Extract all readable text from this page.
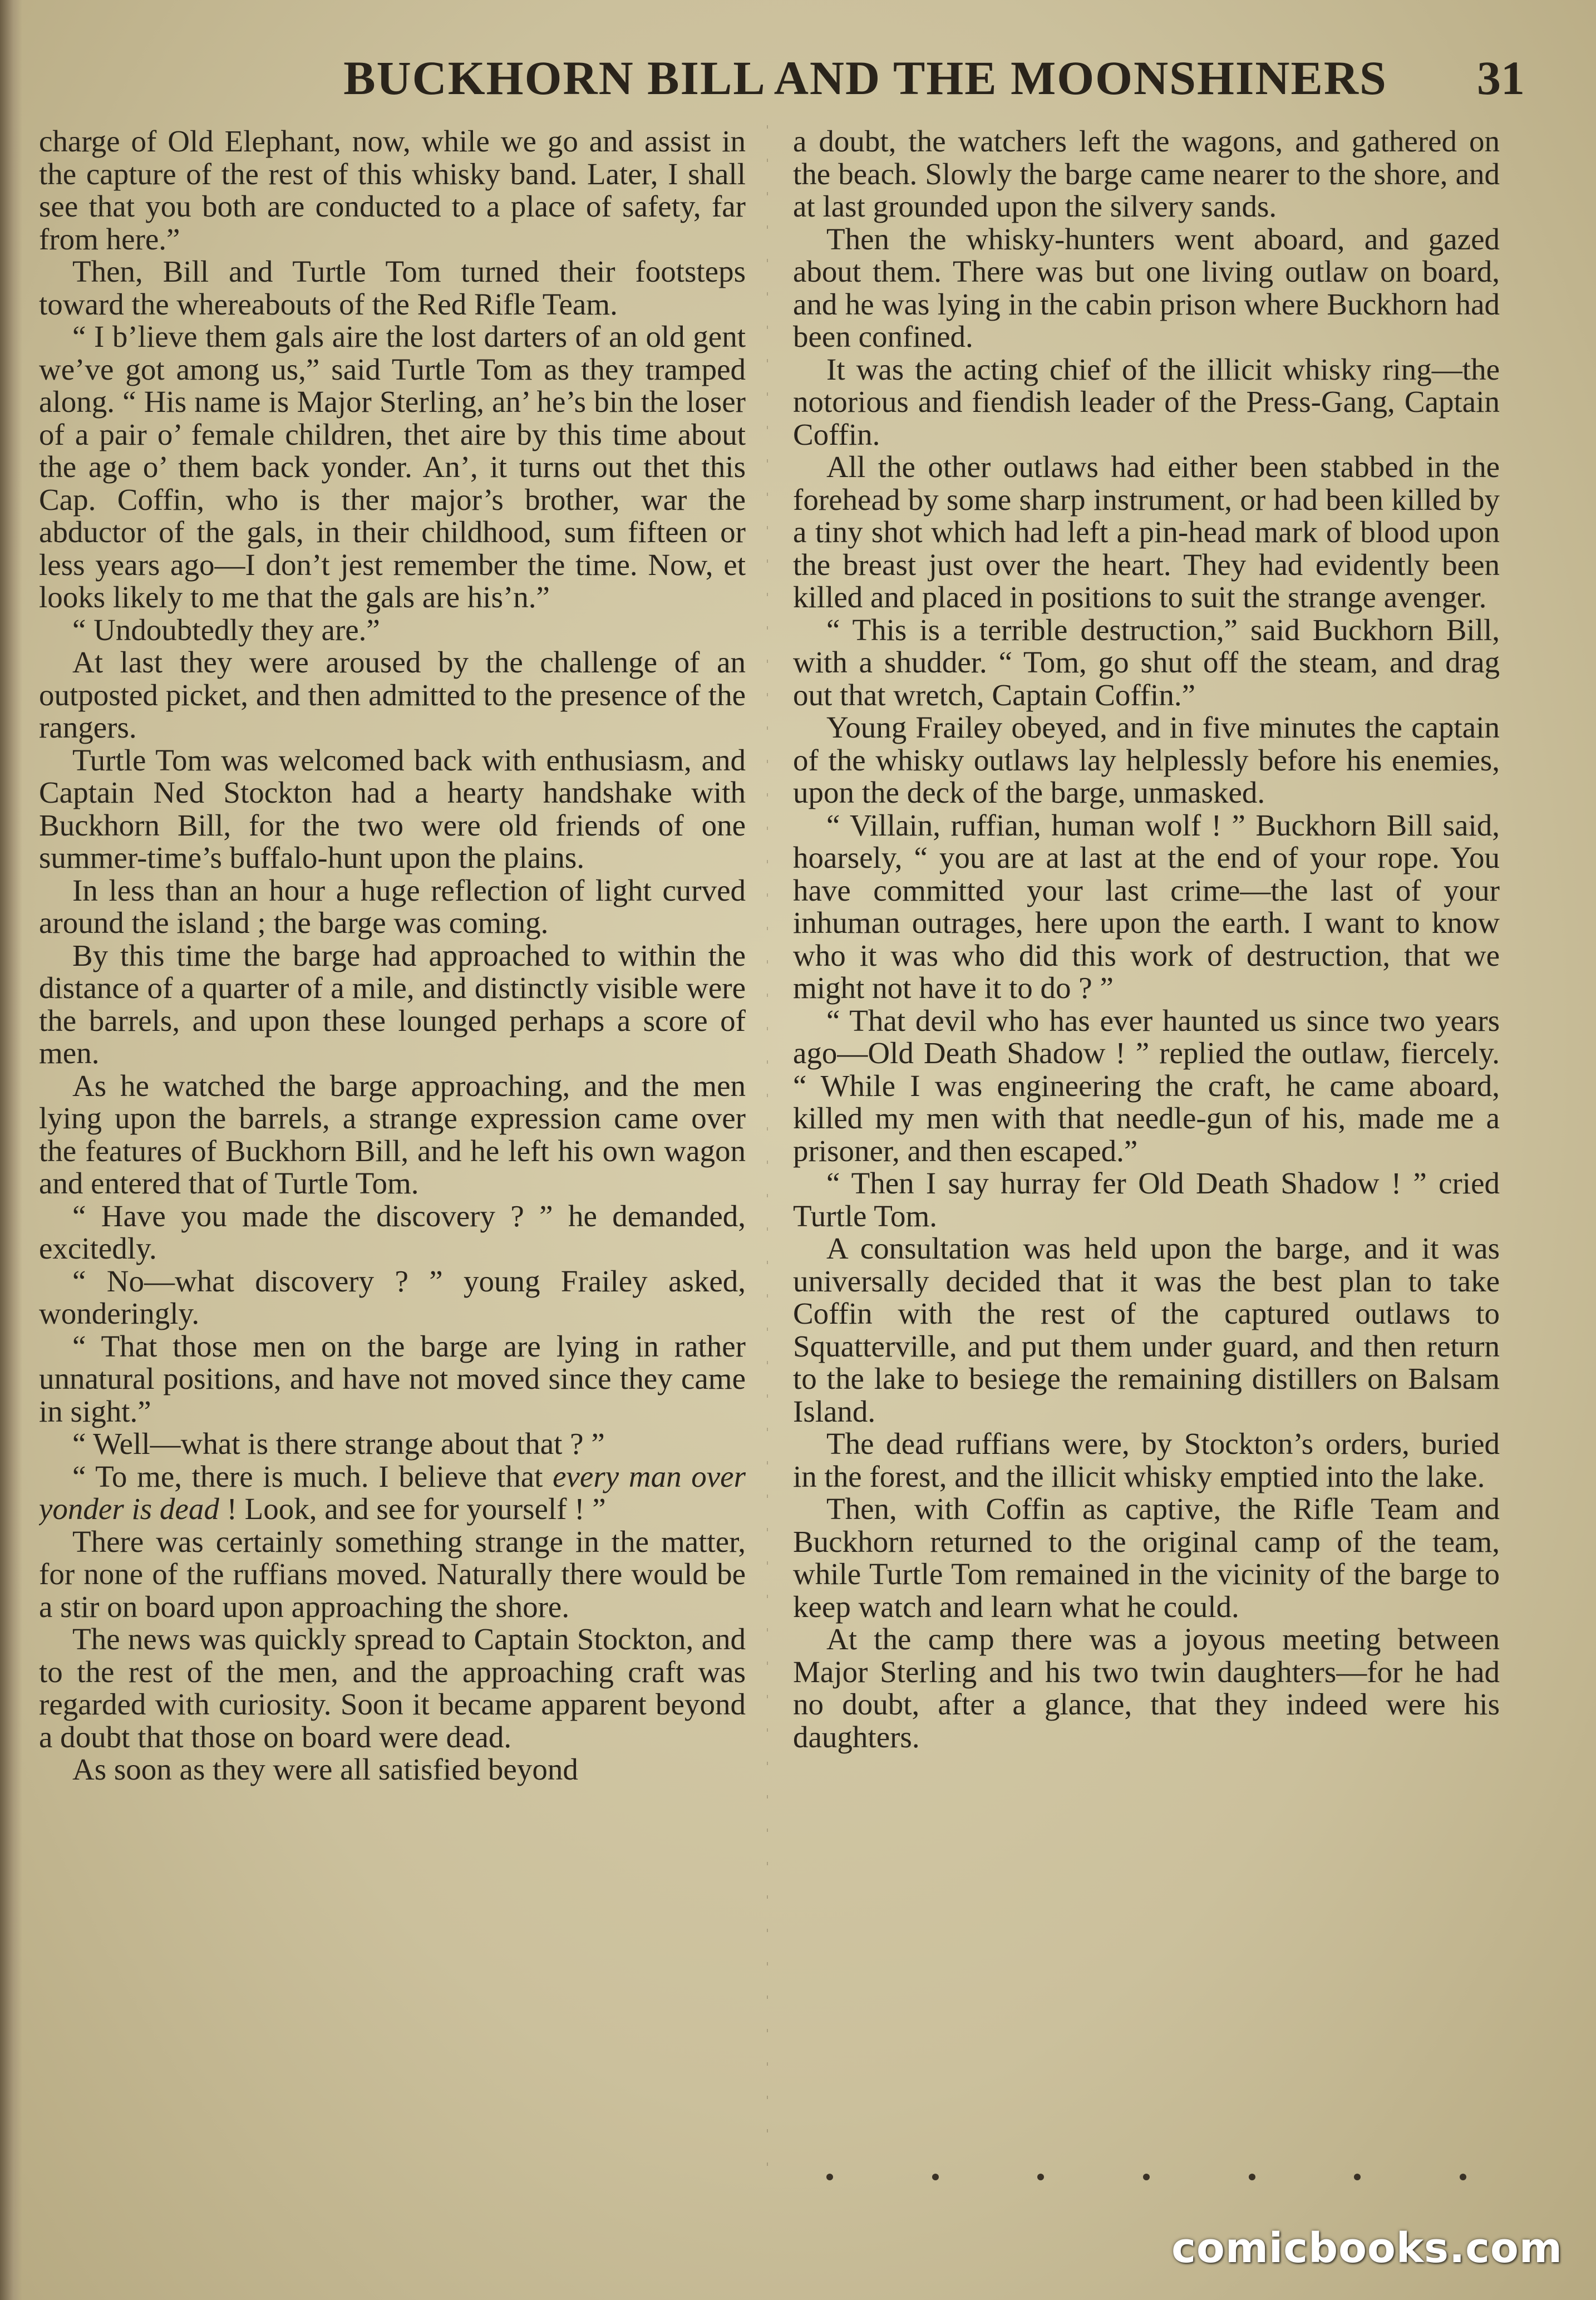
BUCKHORN BILL AND THE MOONSHINERS	31

charge of Old Elephant, now, while we go and assist in the capture of the rest of this whisky band. Later, I shall see that you both are conducted to a place of safety, far from here.”

Then, Bill and Turtle Tom turned their footsteps toward the whereabouts of the Red Rifle Team.

“ I b’lieve them gals aire the lost darters of an old gent we’ve got among us,” said Turtle Tom as they tramped along. “ His name is Major Sterling, an’ he’s bin the loser of a pair o’ female children, thet aire by this time about the age o’ them back yonder. An’, it turns out thet this Cap. Coffin, who is ther major’s brother, war the abductor of the gals, in their childhood, sum fifteen or less years ago—I don’t jest remember the time. Now, et looks likely to me that the gals are his’n.”

“ Undoubtedly they are.”

At last they were aroused by the challenge of an outposted picket, and then admitted to the presence of the rangers.

Turtle Tom was welcomed back with enthusiasm, and Captain Ned Stockton had a hearty handshake with Buckhorn Bill, for the two were old friends of one summer-time’s buffalo-hunt upon the plains.

In less than an hour a huge reflection of light curved around the island ; the barge was coming.

By this time the barge had approached to within the distance of a quarter of a mile, and distinctly visible were the barrels, and upon these lounged perhaps a score of men.

As he watched the barge approaching, and the men lying upon the barrels, a strange expression came over the features of Buckhorn Bill, and he left his own wagon and entered that of Turtle Tom.

“ Have you made the discovery ? ” he demanded, excitedly.

“ No—what discovery ? ” young Frailey asked, wonderingly.

“ That those men on the barge are lying in rather unnatural positions, and have not moved since they came in sight.”

“ Well—what is there strange about that ? ”

“ To me, there is much. I believe that every man over yonder is dead ! Look, and see for yourself ! ”

There was certainly something strange in the matter, for none of the ruffians moved. Naturally there would be a stir on board upon approaching the shore.

The news was quickly spread to Captain Stockton, and to the rest of the men, and the approaching craft was regarded with curiosity. Soon it became apparent beyond a doubt that those on board were dead.

As soon as they were all satisfied beyond

a doubt, the watchers left the wagons, and gathered on the beach. Slowly the barge came nearer to the shore, and at last grounded upon the silvery sands.

Then the whisky-hunters went aboard, and gazed about them. There was but one living outlaw on board, and he was lying in the cabin prison where Buckhorn had been confined.

It was the acting chief of the illicit whisky ring—the notorious and fiendish leader of the Press-Gang, Captain Coffin.

All the other outlaws had either been stabbed in the forehead by some sharp instrument, or had been killed by a tiny shot which had left a pin-head mark of blood upon the breast just over the heart. They had evidently been killed and placed in positions to suit the strange avenger.

“ This is a terrible destruction,” said Buckhorn Bill, with a shudder. “ Tom, go shut off the steam, and drag out that wretch, Captain Coffin.”

Young Frailey obeyed, and in five minutes the captain of the whisky outlaws lay helplessly before his enemies, upon the deck of the barge, unmasked.

“ Villain, ruffian, human wolf ! ” Buckhorn Bill said, hoarsely, “ you are at last at the end of your rope. You have committed your last crime—the last of your inhuman outrages, here upon the earth. I want to know who it was who did this work of destruction, that we might not have it to do ? ”

“ That devil who has ever haunted us since two years ago—Old Death Shadow ! ” replied the outlaw, fiercely. “ While I was engineering the craft, he came aboard, killed my men with that needle-gun of his, made me a prisoner, and then escaped.”

“ Then I say hurray fer Old Death Shadow ! ” cried Turtle Tom.

A consultation was held upon the barge, and it was universally decided that it was the best plan to take Coffin with the rest of the captured outlaws to Squatterville, and put them under guard, and then return to the lake to besiege the remaining distillers on Balsam Island.

The dead ruffians were, by Stockton’s orders, buried in the forest, and the illicit whisky emptied into the lake.

Then, with Coffin as captive, the Rifle Team and Buckhorn returned to the original camp of the team, while Turtle Tom remained in the vicinity of the barge to keep watch and learn what he could.

At the camp there was a joyous meeting between Major Sterling and his two twin daughters—for he had no doubt, after a glance, that they indeed were his daughters.

comicbooks.com
